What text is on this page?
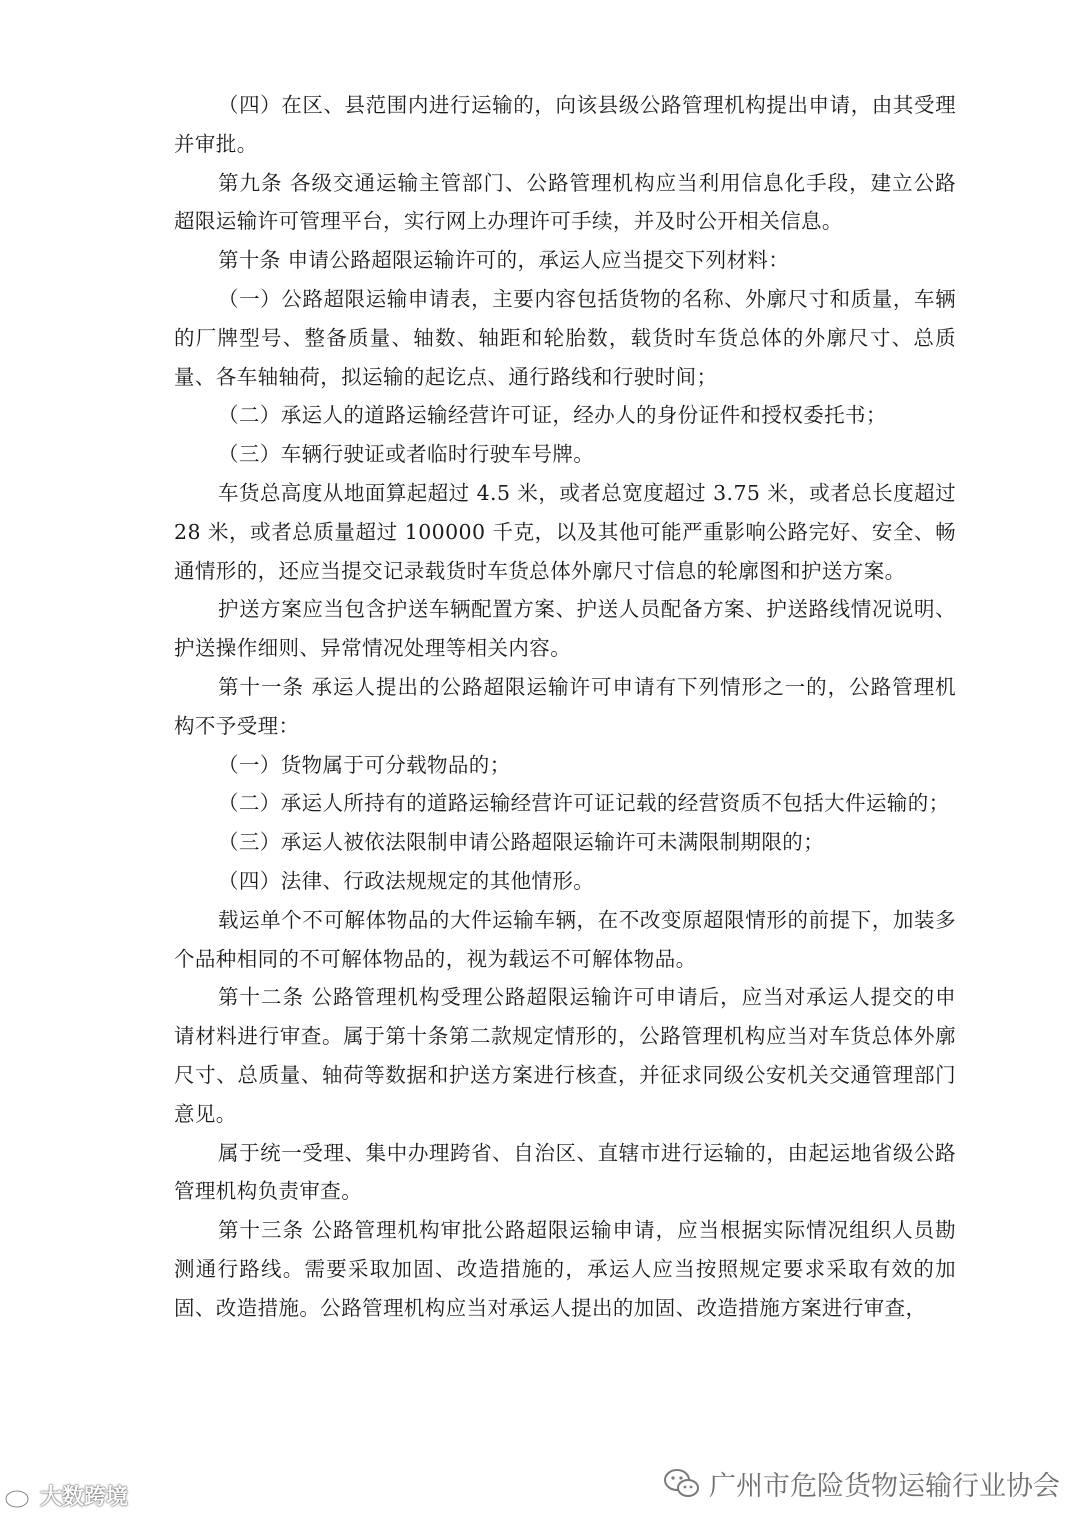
（四）在区、县范围内进行运输的，向该县级公路管理机构提出申请，由其受理并审批。

第九条 各级交通运输主管部门、公路管理机构应当利用信息化手段，建立公路超限运输许可管理平台，实行网上办理许可手续，并及时公开相关信息。

第十条 申请公路超限运输许可的，承运人应当提交下列材料：

（一）公路超限运输申请表，主要内容包括货物的名称、外廓尺寸和质量，车辆的厂牌型号、整备质量、轴数、轴距和轮胎数，载货时车货总体的外廓尺寸、总质量、各车轴轴荷，拟运输的起讫点、通行路线和行驶时间；

（二）承运人的道路运输经营许可证，经办人的身份证件和授权委托书；

（三）车辆行驶证或者临时行驶车号牌。

车货总高度从地面算起超过 4.5 米，或者总宽度超过 3.75 米，或者总长度超过 28 米，或者总质量超过 100000 千克，以及其他可能严重影响公路完好、安全、畅通情形的，还应当提交记录载货时车货总体外廓尺寸信息的轮廓图和护送方案。

护送方案应当包含护送车辆配置方案、护送人员配备方案、护送路线情况说明、护送操作细则、异常情况处理等相关内容。

第十一条 承运人提出的公路超限运输许可申请有下列情形之一的，公路管理机构不予受理：

（一）货物属于可分载物品的；

（二）承运人所持有的道路运输经营许可证记载的经营资质不包括大件运输的；

（三）承运人被依法限制申请公路超限运输许可未满限制期限的；

（四）法律、行政法规规定的其他情形。

载运单个不可解体物品的大件运输车辆，在不改变原超限情形的前提下，加装多个品种相同的不可解体物品的，视为载运不可解体物品。

第十二条 公路管理机构受理公路超限运输许可申请后，应当对承运人提交的申请材料进行审查。属于第十条第二款规定情形的，公路管理机构应当对车货总体外廓尺寸、总质量、轴荷等数据和护送方案进行核查，并征求同级公安机关交通管理部门意见。

属于统一受理、集中办理跨省、自治区、直辖市进行运输的，由起运地省级公路管理机构负责审查。

第十三条 公路管理机构审批公路超限运输申请，应当根据实际情况组织人员勘测通行路线。需要采取加固、改造措施的，承运人应当按照规定要求采取有效的加固、改造措施。公路管理机构应当对承运人提出的加固、改造措施方案进行审查，

大数跨境	广州市危险货物运输行业协会
